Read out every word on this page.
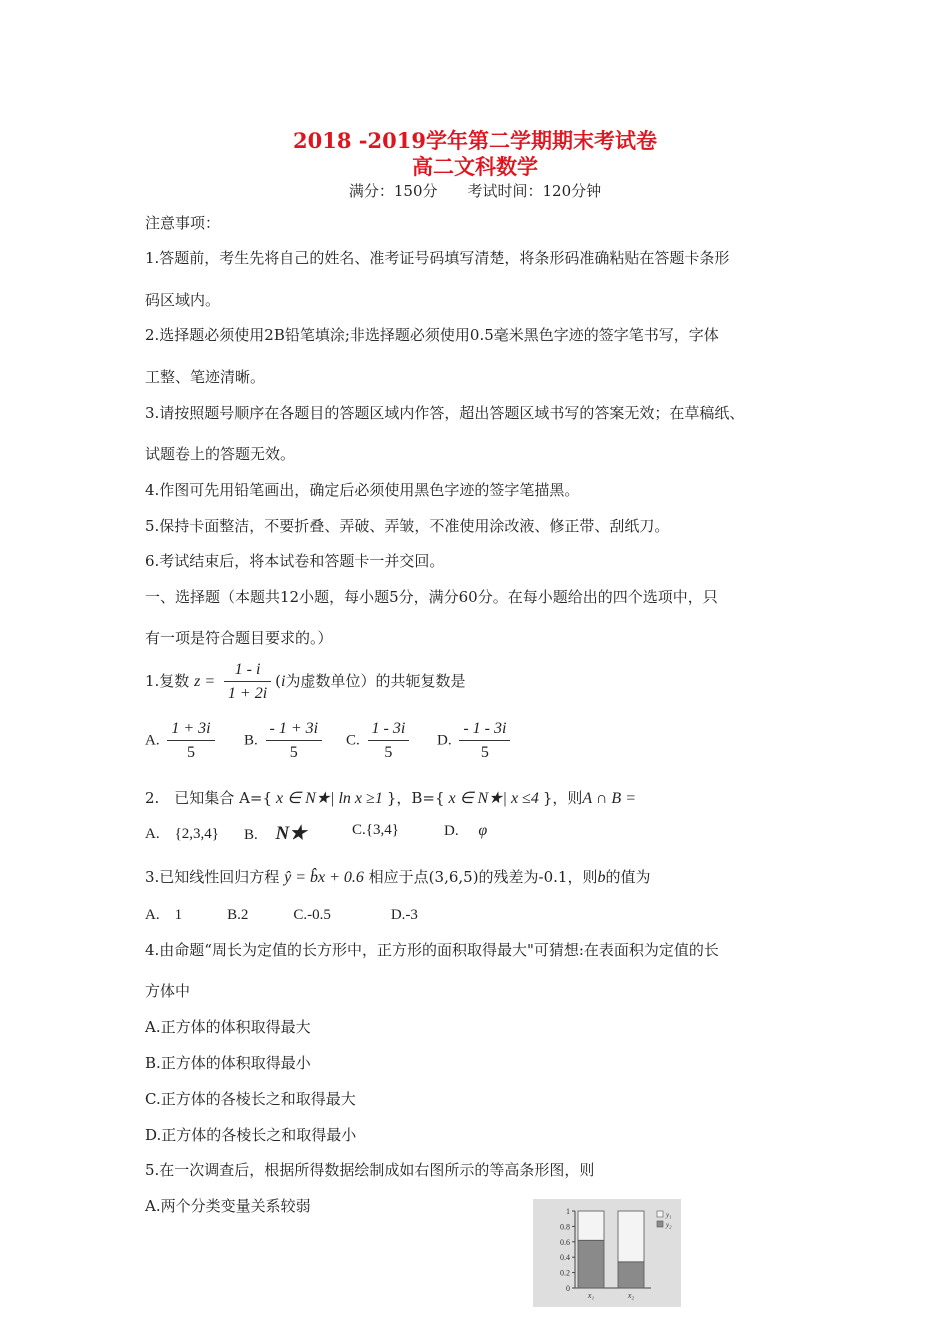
2018 -2019学年第二学期期末考试卷
高二文科数学
满分：150分　　考试时间：120分钟
注意事项：
1.答题前，考生先将自己的姓名、准考证号码填写清楚，将条形码准确粘贴在答题卡条形
码区域内。
2.选择题必须使用2B铅笔填涂;非选择题必须使用0.5毫米黑色字迹的签字笔书写，字体
工整、笔迹清晰。
3.请按照题号顺序在各题目的答题区域内作答，超出答题区域书写的答案无效；在草稿纸、
试题卷上的答题无效。
4.作图可先用铅笔画出，确定后必须使用黑色字迹的签字笔描黑。
5.保持卡面整洁，不要折叠、弄破、弄皱，不准使用涂改液、修正带、刮纸刀。
6.考试结束后，将本试卷和答题卡一并交回。
一、选择题（本题共12小题，每小题5分，满分60分。在每小题给出的四个选项中，只
有一项是符合题目要求的。）
1.复数 $z = \frac{1 - i}{1 + 2i} (i$为虚数单位）的共轭复数是
A. $\frac{1 + 3i}{5} B$. $\frac{- 1 + 3i}{5} C$. $\frac{1 - 3i}{5} D$. $\frac{- 1 - 3i}{5}$
2.　已知集合 A={ x ∈ N★| ln x ≥1 }，B={ x ∈ N★| x ≤4 }，则A ∩ B =
A.　{2,3,4} B. N★	C.{3,4}	D. φ
3.已知线性回归方程 ŷ = b̂x + 0.6 相应于点(3,6,5)的残差为-0.1，则b的值为
A.　1　　　B.2　　　C.-0.5　　　　D.-3
4.由命题“周长为定值的长方形中，正方形的面积取得最大"可猜想:在表面积为定值的长
方体中
A.正方体的体积取得最大
B.正方体的体积取得最小
C.正方体的各棱长之和取得最大
D.正方体的各棱长之和取得最小
5.在一次调查后，根据所得数据绘制成如右图所示的等高条形图，则
A.两个分类变量关系较弱
0
0.2
0.4
0.6
0.8
1
x₁	x₂
y₁
y₂
